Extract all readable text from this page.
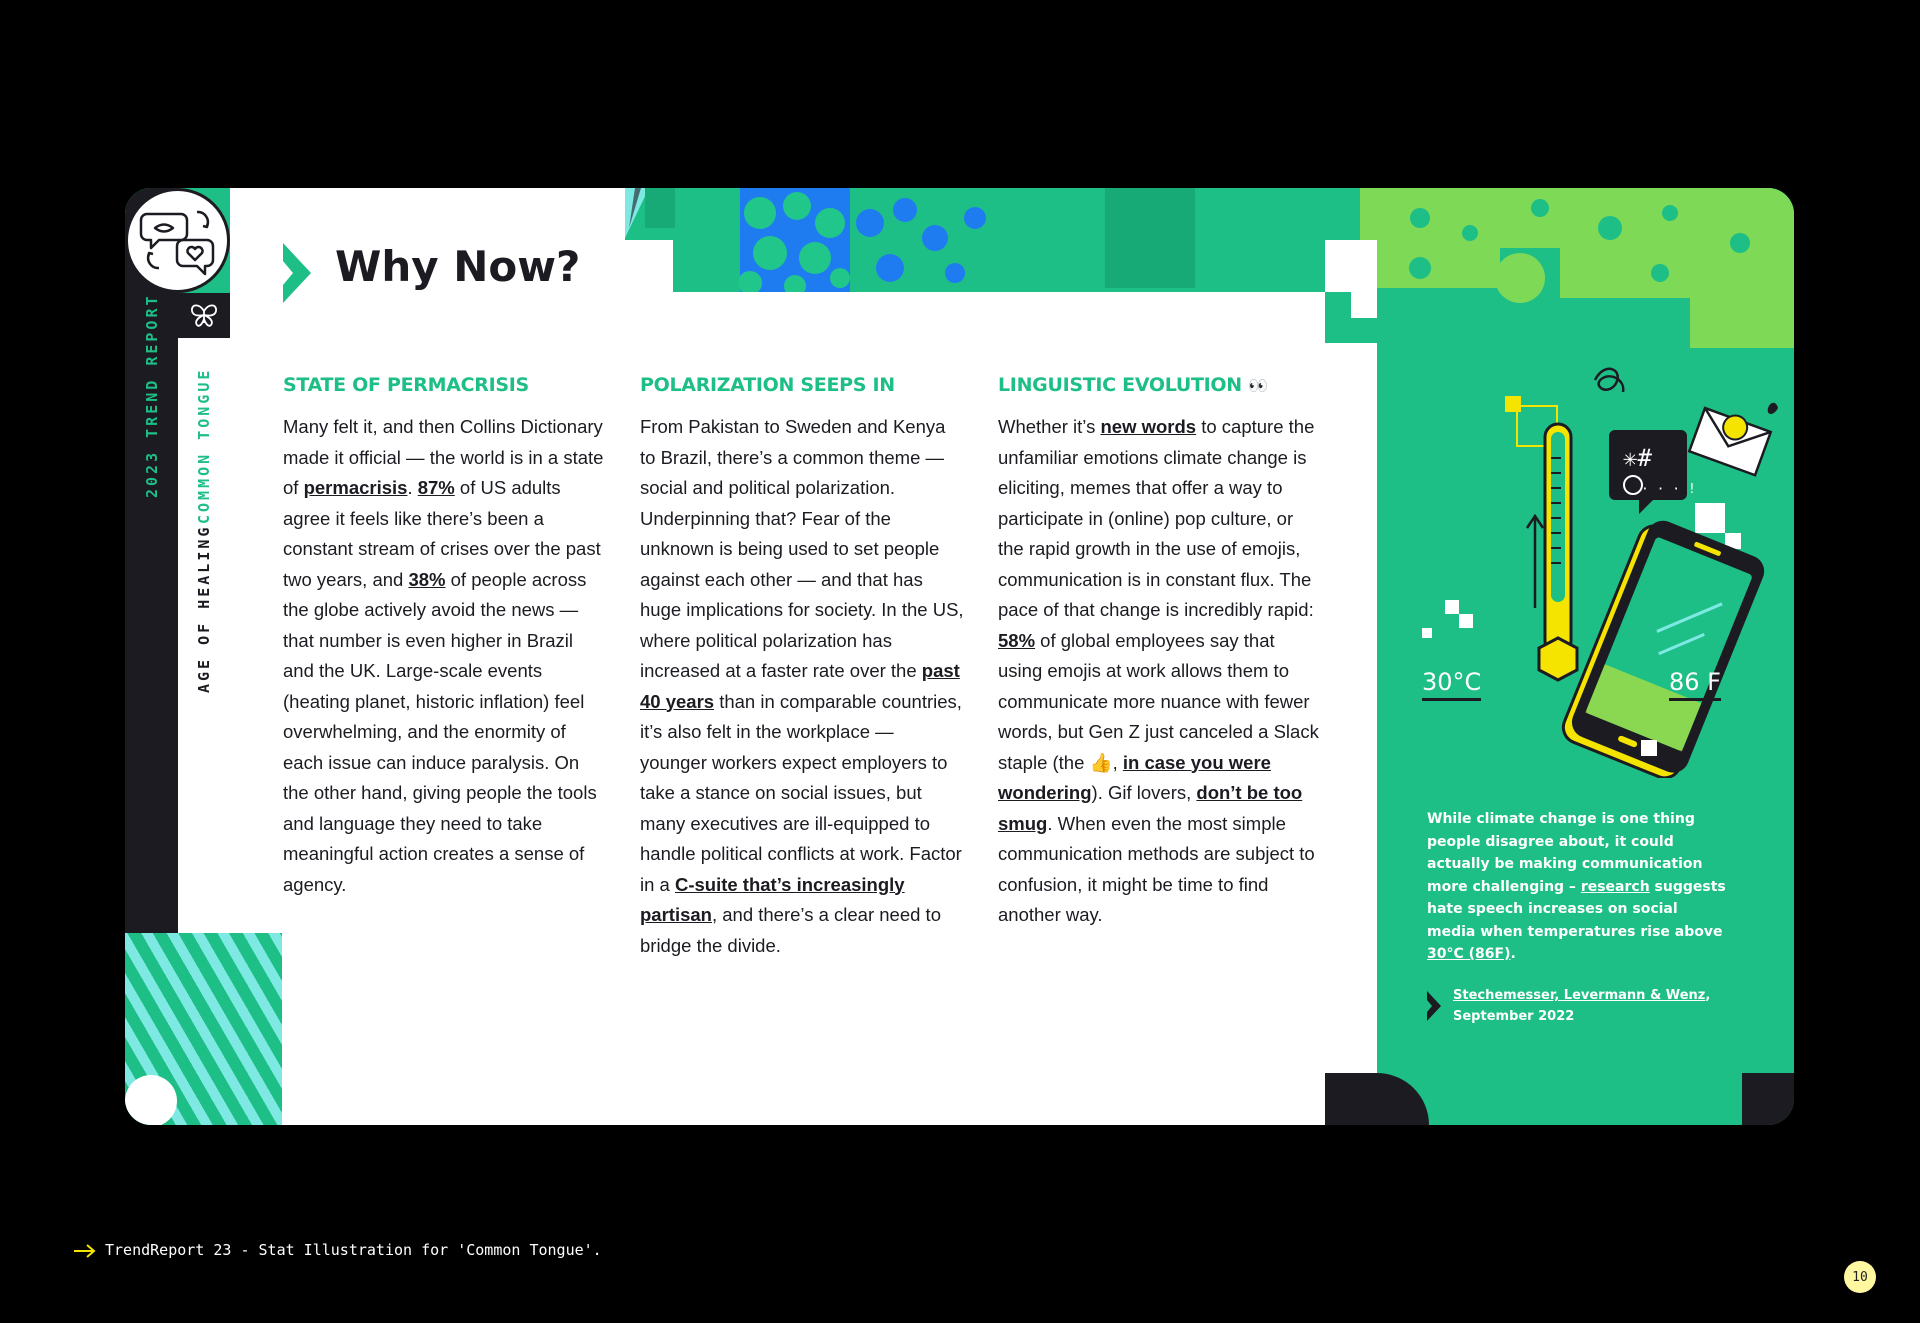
2023 TREND REPORT
AGE OF HEALING
COMMON TONGUE
Why Now?
STATE OF PERMACRISIS

Many felt it, and then Collins Dictionary made it official — the world is in a state of permacrisis. 87% of US adults agree it feels like there’s been a constant stream of crises over the past two years, and 38% of people across the globe actively avoid the news — that number is even higher in Brazil and the UK. Large-scale events (heating planet, historic inflation) feel overwhelming, and the enormity of each issue can induce paralysis. On the other hand, giving people the tools and language they need to take meaningful action creates a sense of agency.

POLARIZATION SEEPS IN

From Pakistan to Sweden and Kenya to Brazil, there’s a common theme — social and political polarization. Underpinning that? Fear of the unknown is being used to set people against each other — and that has huge implications for society. In the US, where political polarization has increased at a faster rate over the past 40 years than in comparable countries, it’s also felt in the workplace — younger workers expect employers to take a stance on social issues, but many executives are ill-equipped to handle political conflicts at work. Factor in a C-suite that’s increasingly partisan, and there’s a clear need to bridge the divide.

LINGUISTIC EVOLUTION 👀

Whether it’s new words to capture the unfamiliar emotions climate change is eliciting, memes that offer a way to participate in (online) pop culture, or the rapid growth in the use of emojis, communication is in constant flux. The pace of that change is incredibly rapid: 58% of global employees say that using emojis at work allows them to communicate more nuance with fewer words, but Gen Z just canceled a Slack staple (the 👍, in case you were wondering). Gif lovers, don’t be too smug. When even the most simple communication methods are subject to confusion, it might be time to find another way.

✳#
· · · !
30°C	86 F
While climate change is one thing people disagree about, it could actually be making communication more challenging – research suggests hate speech increases on social media when temperatures rise above 30°C (86F).
Stechemesser, Levermann & Wenz, September 2022
TrendReport 23 - Stat Illustration for 'Common Tongue'.
10
